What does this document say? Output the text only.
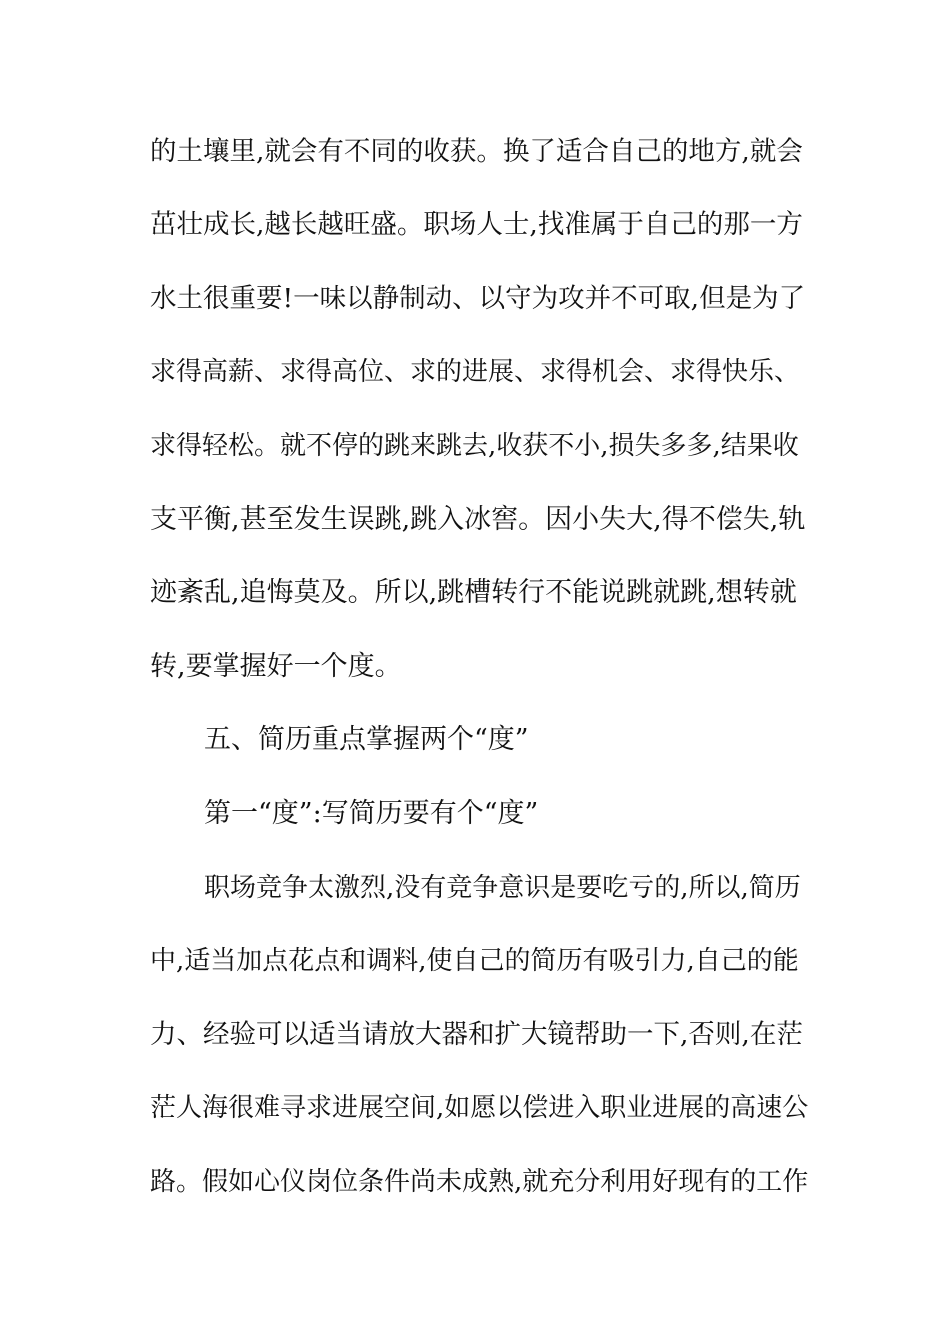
的土壤里,就会有不同的收获。换了适合自己的地方,就会
茁壮成长,越长越旺盛。职场人士,找准属于自己的那一方
水土很重要!一味以静制动、以守为攻并不可取,但是为了
求得高薪、求得高位、求的进展、求得机会、求得快乐、
求得轻松。就不停的跳来跳去,收获不小,损失多多,结果收
支平衡,甚至发生误跳,跳入冰窖。因小失大,得不偿失,轨
迹紊乱,追悔莫及。所以,跳槽转行不能说跳就跳,想转就
转,要掌握好一个度。
五、简历重点掌握两个“度”
第一“度”:写简历要有个“度”
职场竞争太激烈,没有竞争意识是要吃亏的,所以,简历
中,适当加点花点和调料,使自己的简历有吸引力,自己的能
力、经验可以适当请放大器和扩大镜帮助一下,否则,在茫
茫人海很难寻求进展空间,如愿以偿进入职业进展的高速公
路。假如心仪岗位条件尚未成熟,就充分利用好现有的工作
